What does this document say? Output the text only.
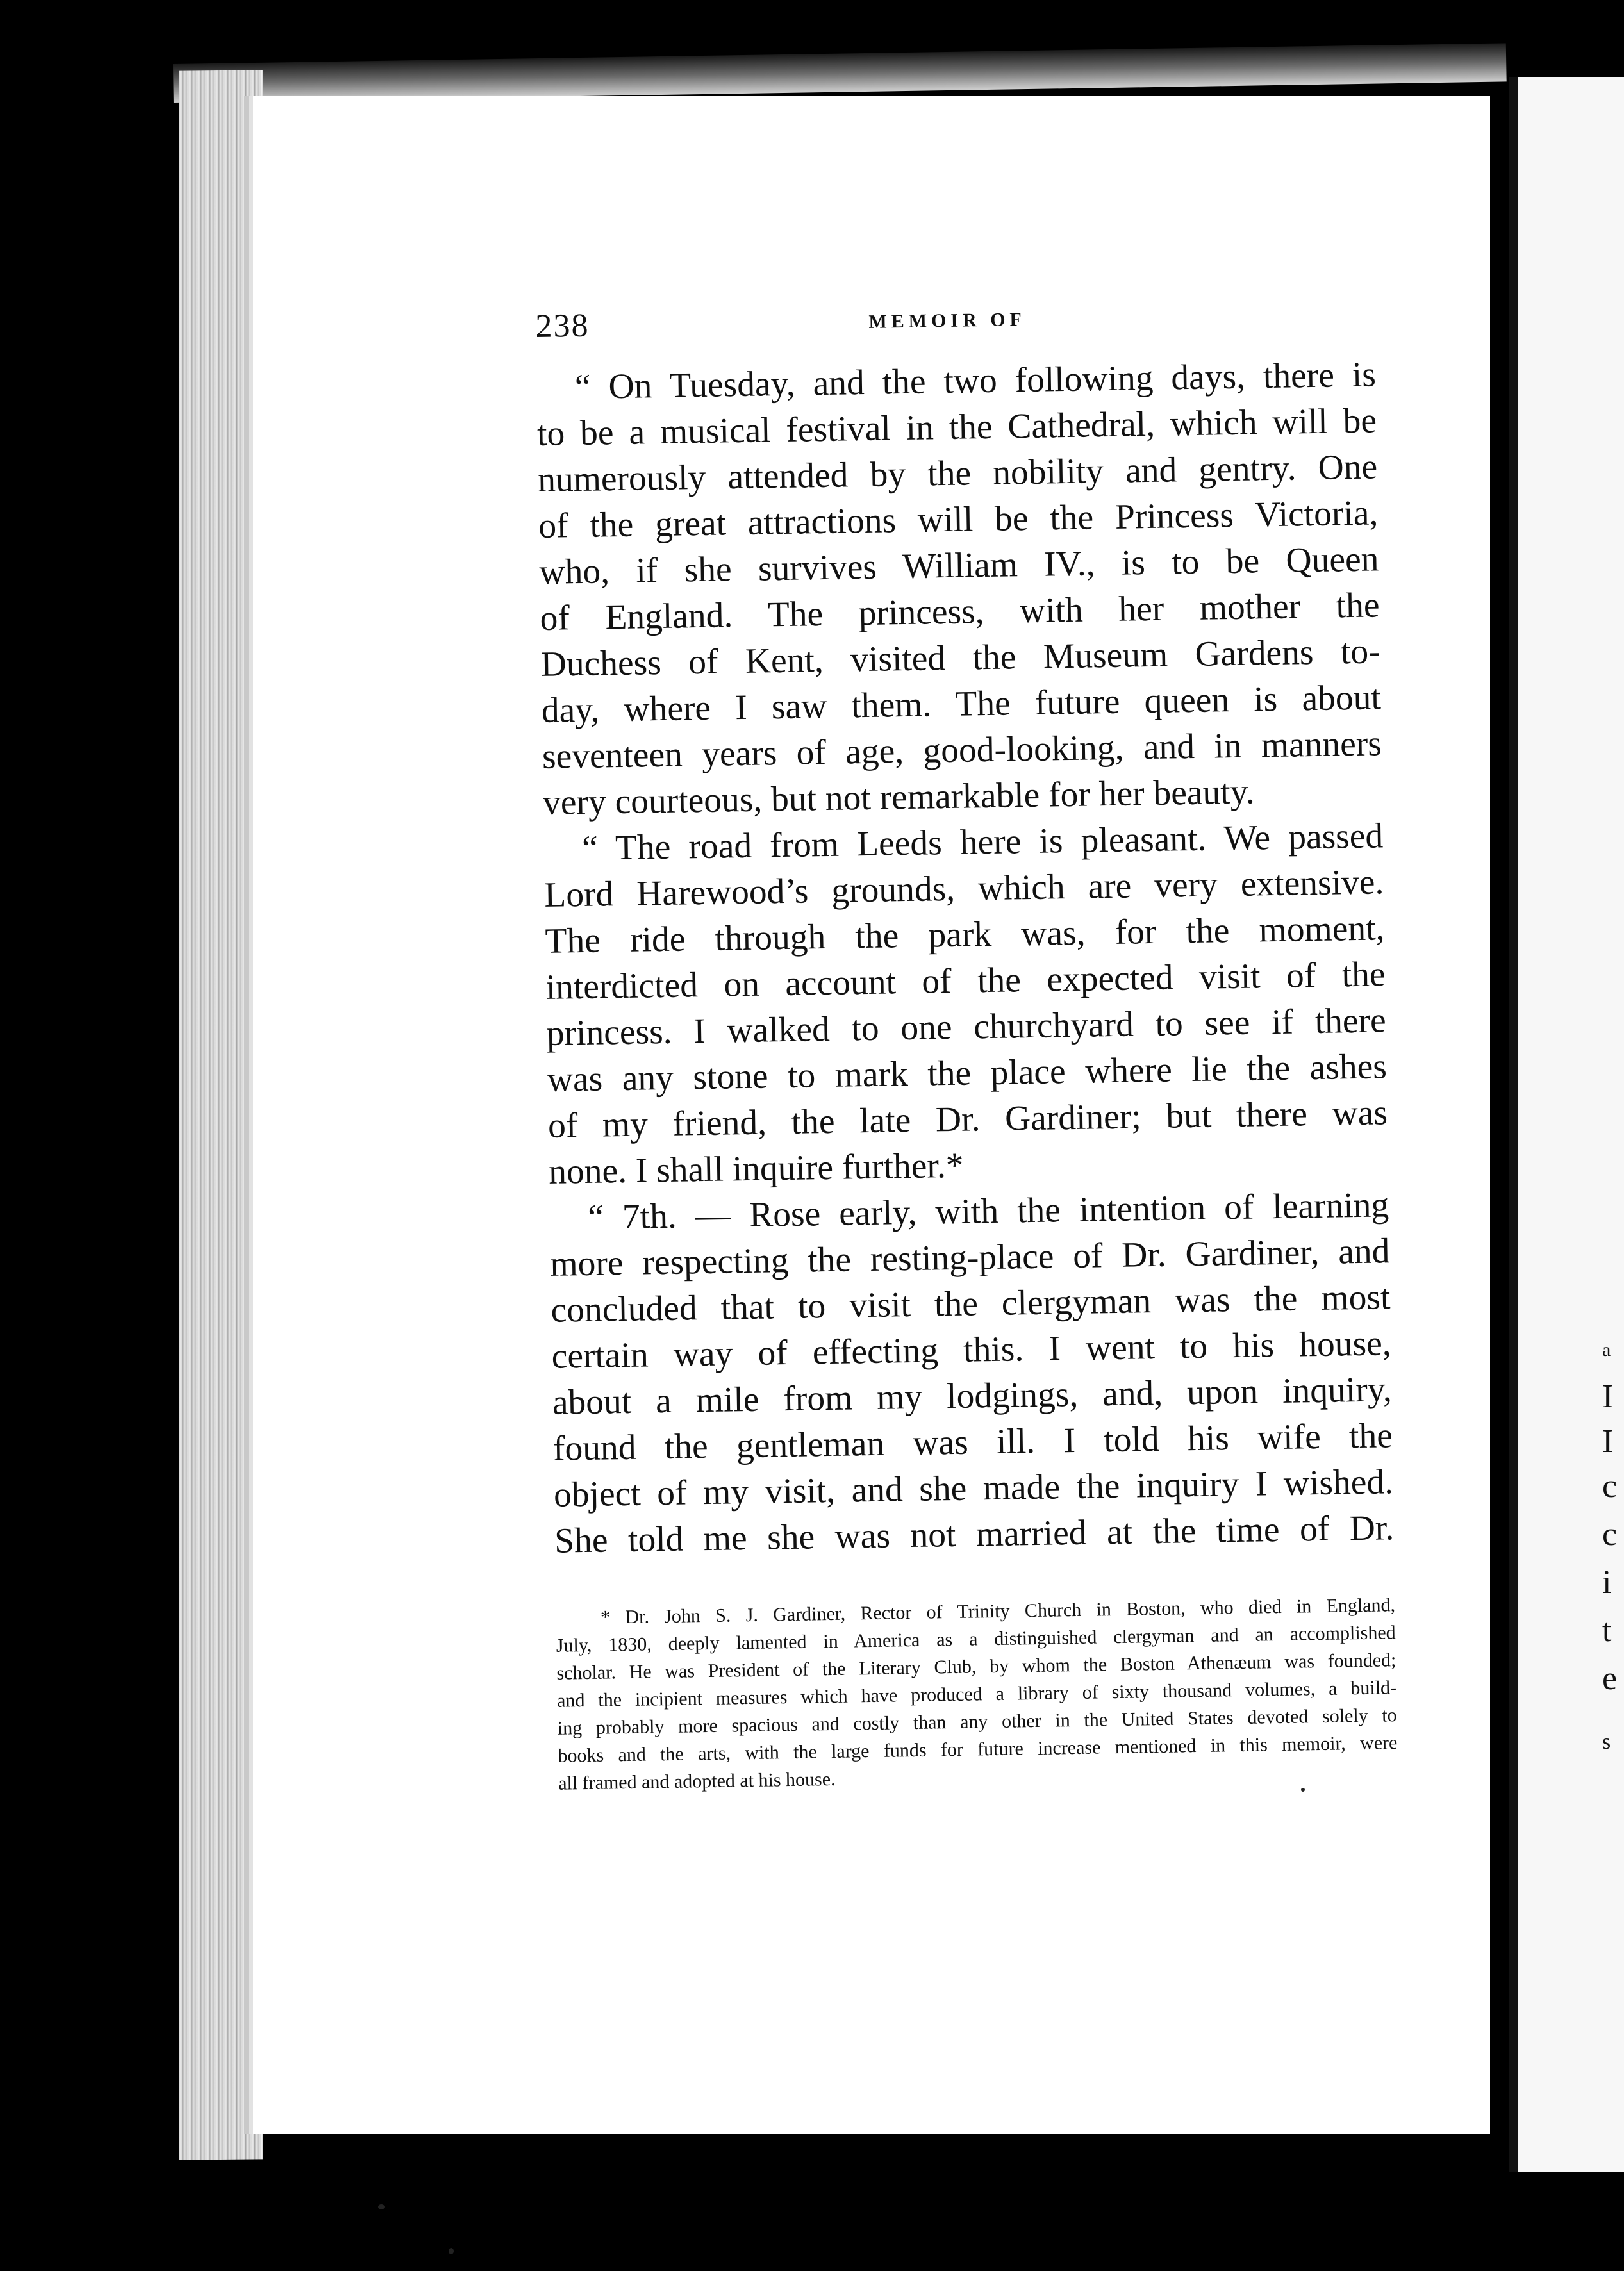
a
I
I
c
c
i
t
e
s
238	MEMOIR OF

“ On Tuesday, and the two following days, there is
to be a musical festival in the Cathedral, which will be
numerously attended by the nobility and gentry. One
of the great attractions will be the Princess Victoria,
who, if she survives William IV., is to be Queen
of England. The princess, with her mother the
Duchess of Kent, visited the Museum Gardens to-
day, where I saw them. The future queen is about
seventeen years of age, good-looking, and in manners
very courteous, but not remarkable for her beauty.

“ The road from Leeds here is pleasant. We passed
Lord Harewood’s grounds, which are very extensive.
The ride through the park was, for the moment,
interdicted on account of the expected visit of the
princess. I walked to one churchyard to see if there
was any stone to mark the place where lie the ashes
of my friend, the late Dr. Gardiner; but there was
none. I shall inquire further.*

“ 7th. — Rose early, with the intention of learning
more respecting the resting-place of Dr. Gardiner, and
concluded that to visit the clergyman was the most
certain way of effecting this. I went to his house,
about a mile from my lodgings, and, upon inquiry,
found the gentleman was ill. I told his wife the
object of my visit, and she made the inquiry I wished.
She told me she was not married at the time of Dr.

* Dr. John S. J. Gardiner, Rector of Trinity Church in Boston, who died in England,
July, 1830, deeply lamented in America as a distinguished clergyman and an accomplished
scholar. He was President of the Literary Club, by whom the Boston Athenæum was founded;
and the incipient measures which have produced a library of sixty thousand volumes, a build-
ing probably more spacious and costly than any other in the United States devoted solely to
books and the arts, with the large funds for future increase mentioned in this memoir, were
all framed and adopted at his house.
